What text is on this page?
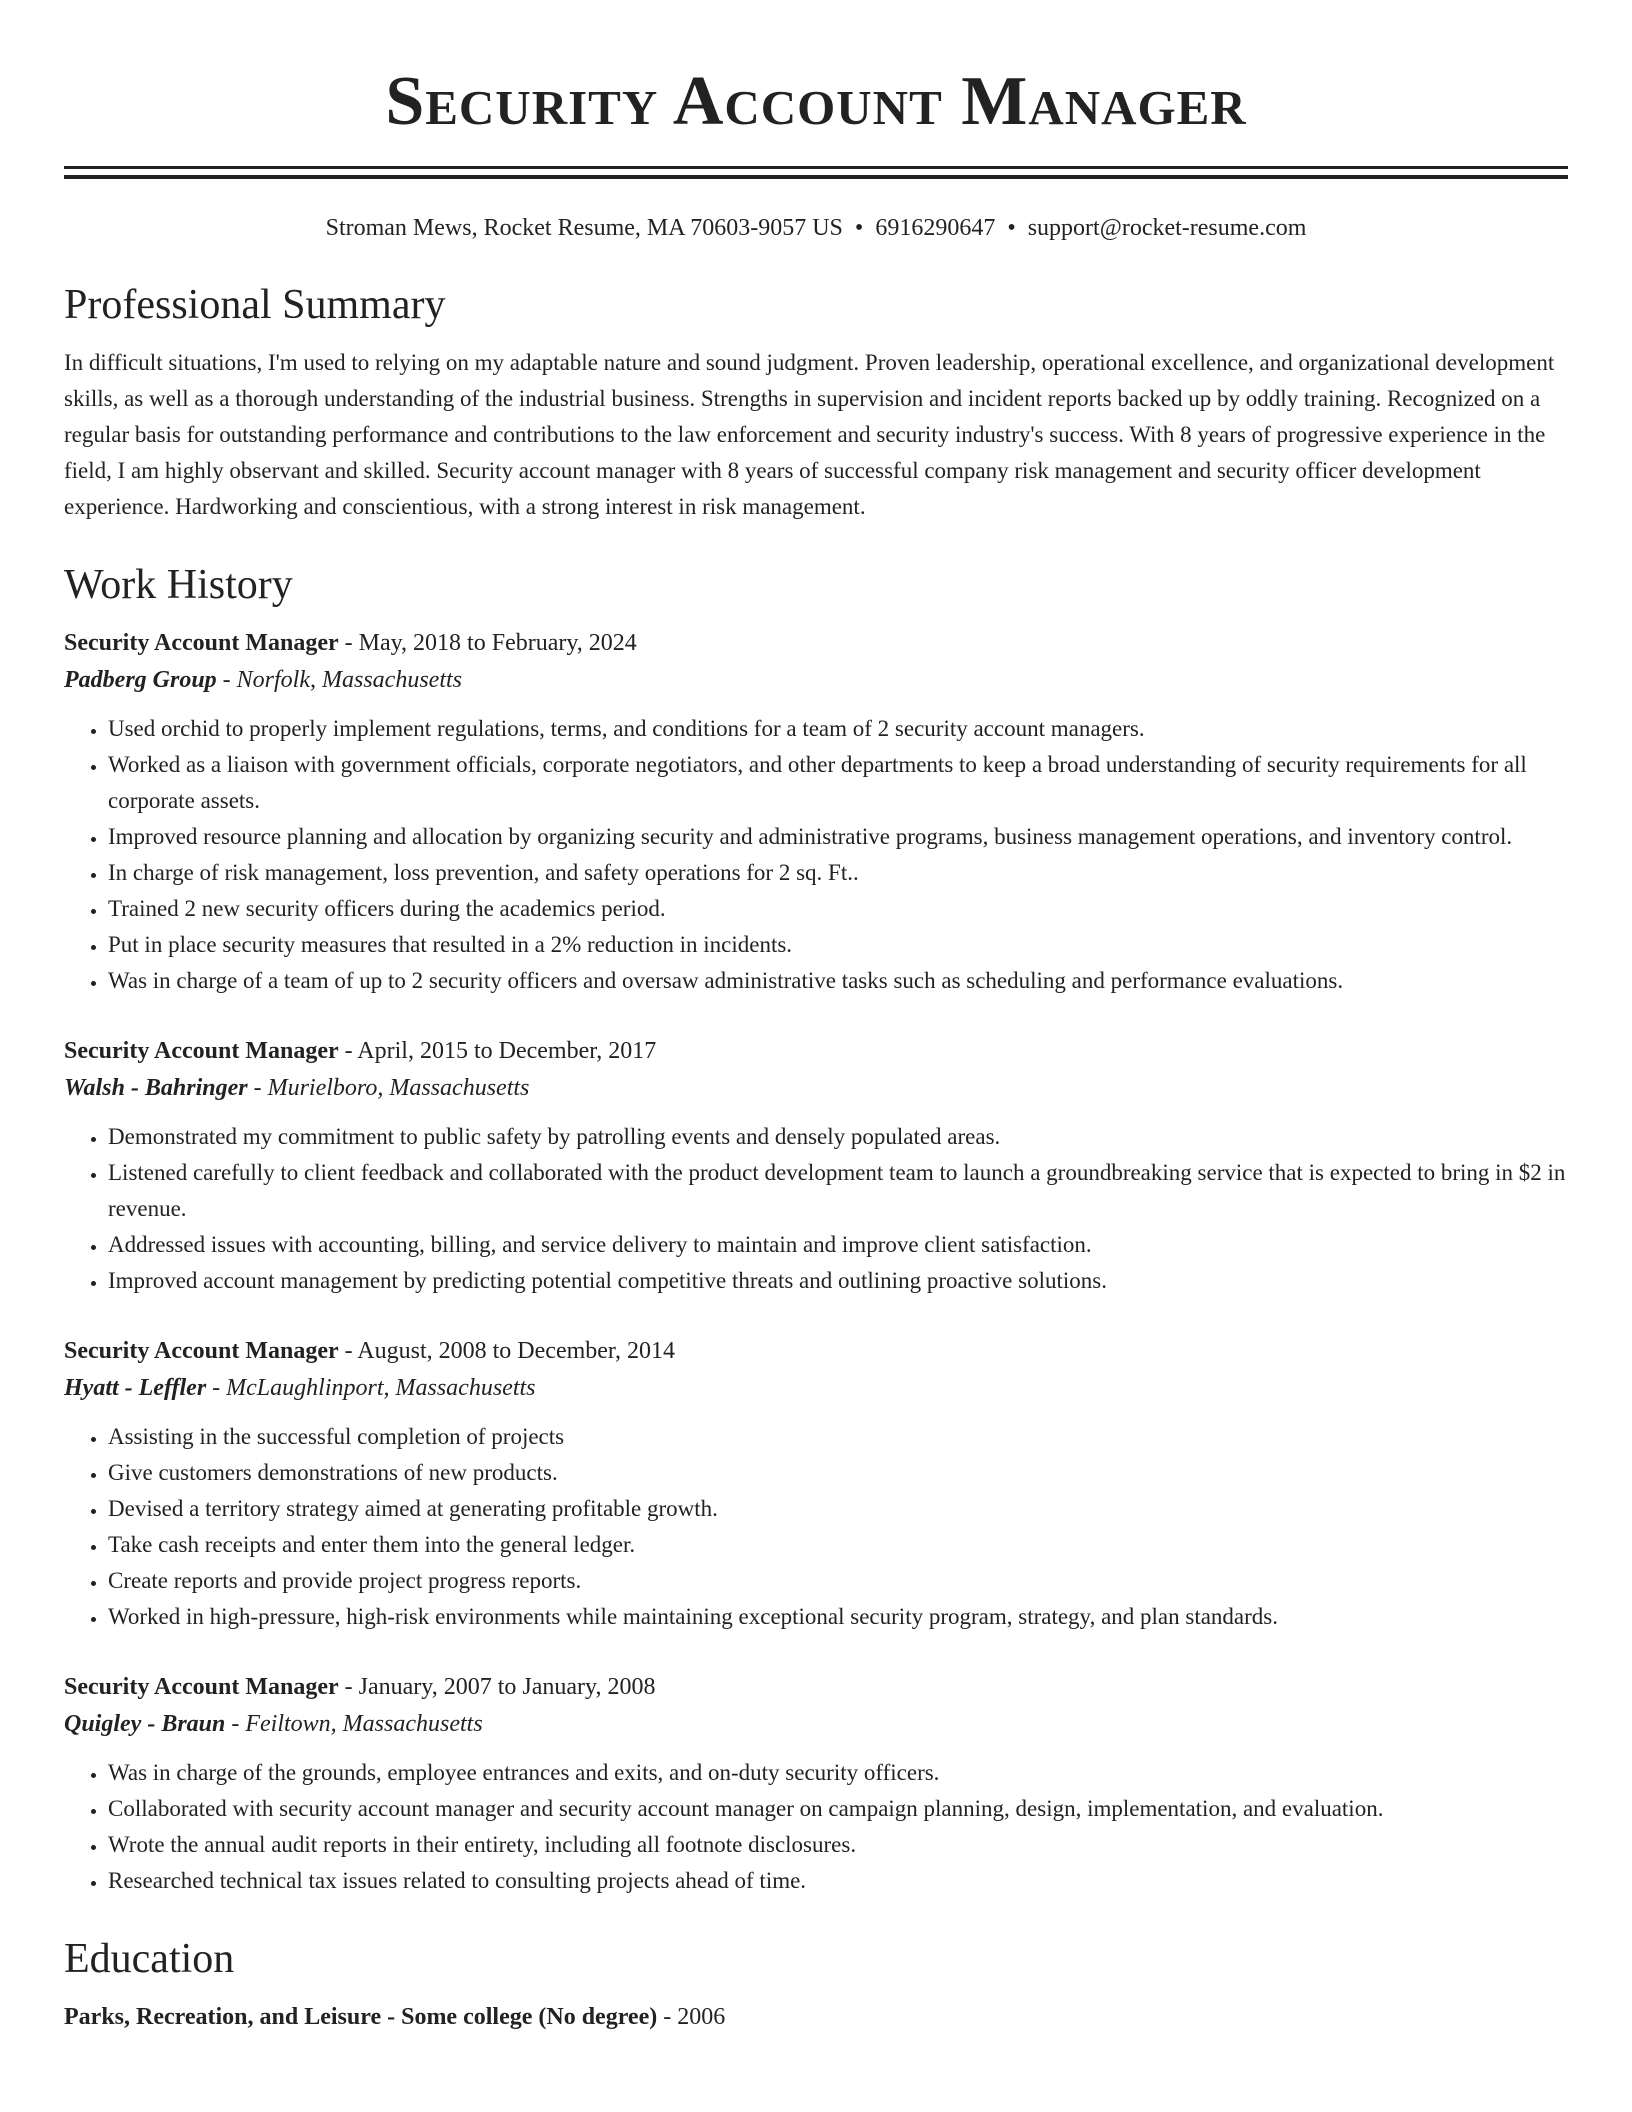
Security Account Manager
Stroman Mews, Rocket Resume, MA 70603-9057 US • 6916290647 • support@rocket-resume.com
Professional Summary

In difficult situations, I'm used to relying on my adaptable nature and sound judgment. Proven leadership, operational excellence, and organizational development skills, as well as a thorough understanding of the industrial business. Strengths in supervision and incident reports backed up by oddly training. Recognized on a regular basis for outstanding performance and contributions to the law enforcement and security industry's success. With 8 years of progressive experience in the field, I am highly observant and skilled. Security account manager with 8 years of successful company risk management and security officer development experience. Hardworking and conscientious, with a strong interest in risk management.

Work History
Security Account Manager - May, 2018 to February, 2024
Padberg Group - Norfolk, Massachusetts
• Used orchid to properly implement regulations, terms, and conditions for a team of 2 security account managers.
• Worked as a liaison with government officials, corporate negotiators, and other departments to keep a broad understanding of security requirements for all corporate assets.
• Improved resource planning and allocation by organizing security and administrative programs, business management operations, and inventory control.
• In charge of risk management, loss prevention, and safety operations for 2 sq. Ft..
• Trained 2 new security officers during the academics period.
• Put in place security measures that resulted in a 2% reduction in incidents.
• Was in charge of a team of up to 2 security officers and oversaw administrative tasks such as scheduling and performance evaluations.
Security Account Manager - April, 2015 to December, 2017
Walsh - Bahringer - Murielboro, Massachusetts
• Demonstrated my commitment to public safety by patrolling events and densely populated areas.
• Listened carefully to client feedback and collaborated with the product development team to launch a groundbreaking service that is expected to bring in $2 in revenue.
• Addressed issues with accounting, billing, and service delivery to maintain and improve client satisfaction.
• Improved account management by predicting potential competitive threats and outlining proactive solutions.
Security Account Manager - August, 2008 to December, 2014
Hyatt - Leffler - McLaughlinport, Massachusetts
• Assisting in the successful completion of projects
• Give customers demonstrations of new products.
• Devised a territory strategy aimed at generating profitable growth.
• Take cash receipts and enter them into the general ledger.
• Create reports and provide project progress reports.
• Worked in high-pressure, high-risk environments while maintaining exceptional security program, strategy, and plan standards.
Security Account Manager - January, 2007 to January, 2008
Quigley - Braun - Feiltown, Massachusetts
• Was in charge of the grounds, employee entrances and exits, and on-duty security officers.
• Collaborated with security account manager and security account manager on campaign planning, design, implementation, and evaluation.
• Wrote the annual audit reports in their entirety, including all footnote disclosures.
• Researched technical tax issues related to consulting projects ahead of time.
Education
Parks, Recreation, and Leisure - Some college (No degree) - 2006
